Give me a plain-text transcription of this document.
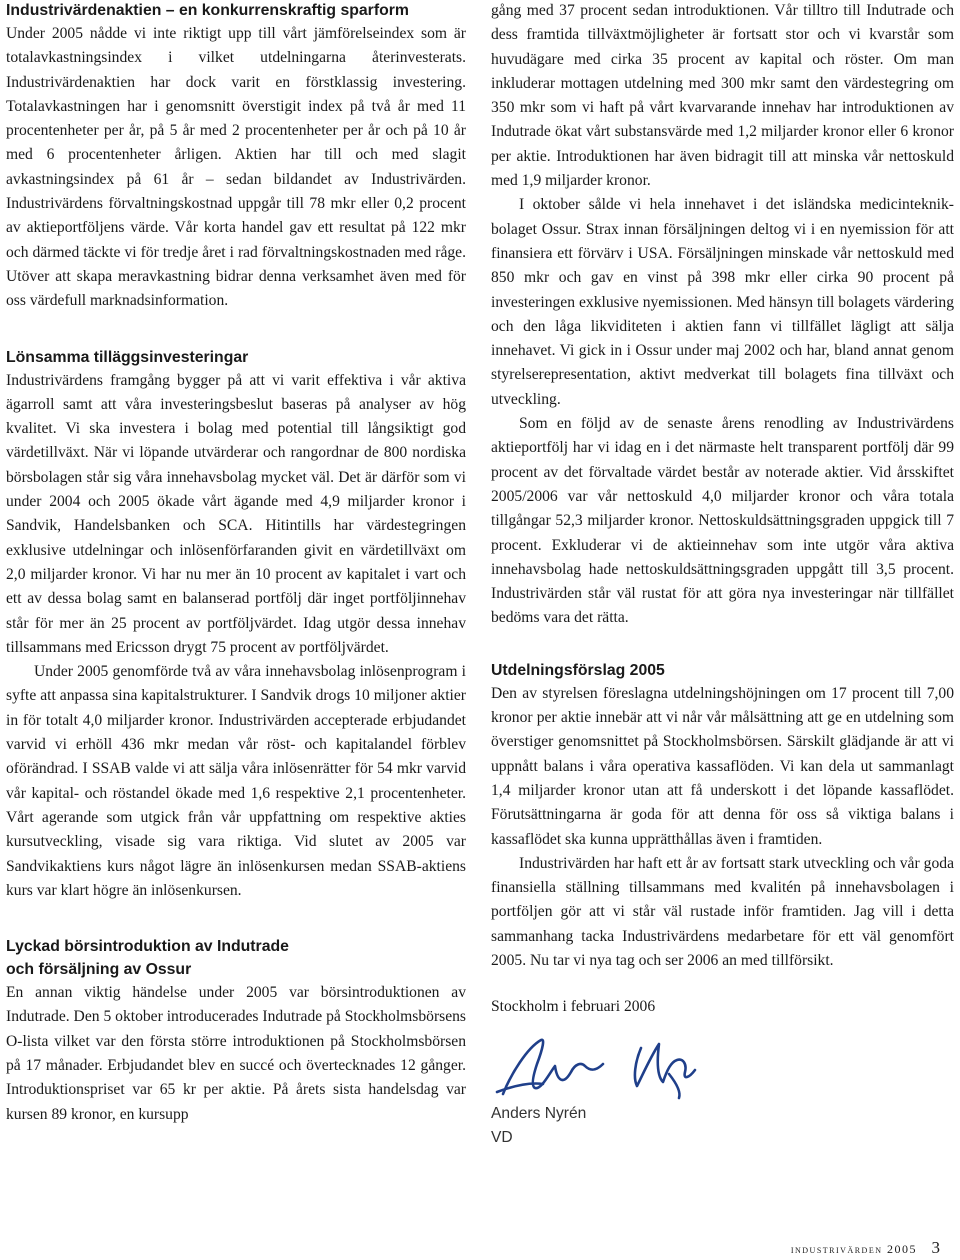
Industrivärdenaktien – en konkurrenskraftig sparform

Under 2005 nådde vi inte riktigt upp till vårt jämförelseindex som är totalavkastningsindex i vilket utdelningarna återinvesterats. Industrivärdenaktien har dock varit en förstklassig investering. Totalavkastningen har i genomsnitt överstigit index på två år med 11 procentenheter per år, på 5 år med 2 procentenheter per år och på 10 år med 6 procentenheter årligen. Aktien har till och med slagit avkastningsindex på 61 år – sedan bildandet av Industrivärden. Industrivärdens förvaltningskostnad uppgår till 78 mkr eller 0,2 procent av aktieportföljens värde. Vår korta handel gav ett resultat på 122 mkr och därmed täckte vi för tredje året i rad förvaltningskostnaden med råge. Utöver att skapa meravkastning bidrar denna verksamhet även med för oss värdefull marknadsinformation.

Lönsamma tilläggsinvesteringar

Industrivärdens framgång bygger på att vi varit effektiva i vår aktiva ägarroll samt att våra investeringsbeslut baseras på analyser av hög kvalitet. Vi ska investera i bolag med potential till långsiktigt god värdetillväxt. När vi löpande utvärderar och rangordnar de 800 nordiska börsbolagen står sig våra innehavsbolag mycket väl. Det är därför som vi under 2004 och 2005 ökade vårt ägande med 4,9 miljarder kronor i Sandvik, Handelsbanken och SCA. Hitintills har värdestegringen exklusive utdelningar och inlösenförfaranden givit en värdetillväxt om 2,0 miljarder kronor. Vi har nu mer än 10 procent av kapitalet i vart och ett av dessa bolag samt en balanserad portfölj där inget portföljinnehav står för mer än 25 procent av portföljvärdet. Idag utgör dessa innehav tillsammans med Ericsson drygt 75 procent av portföljvärdet.

Under 2005 genomförde två av våra innehavsbolag inlösenprogram i syfte att anpassa sina kapitalstrukturer. I Sandvik drogs 10 miljoner aktier in för totalt 4,0 miljarder kronor. Industrivärden accepterade erbjudandet varvid vi erhöll 436 mkr medan vår röst- och kapitalandel förblev oförändrad. I SSAB valde vi att sälja våra inlösenrätter för 54 mkr varvid vår kapital- och röstandel ökade med 1,6 respektive 2,1 procentenheter. Vårt agerande som utgick från vår uppfattning om respektive akties kursutveckling, visade sig vara riktiga. Vid slutet av 2005 var Sandvikaktiens kurs något lägre än inlösenkursen medan SSAB-aktiens kurs var klart högre än inlösenkursen.

Lyckad börsintroduktion av Indutrade
och försäljning av Ossur

En annan viktig händelse under 2005 var börsintroduktionen av Indutrade. Den 5 oktober introducerades Indutrade på Stockholmsbörsens O-lista vilket var den första större introduktionen på Stockholmsbörsen på 17 månader. Erbjudandet blev en succé och övertecknades 12 gånger. Introduktionspriset var 65 kr per aktie. På årets sista handelsdag var kursen 89 kronor, en kursupp

gång med 37 procent sedan introduktionen. Vår tilltro till Indutrade och dess framtida tillväxtmöjligheter är fortsatt stor och vi kvarstår som huvudägare med cirka 35 procent av kapital och röster. Om man inkluderar mottagen utdelning med 300 mkr samt den värdestegring om 350 mkr som vi haft på vårt kvarvarande innehav har introduktionen av Indutrade ökat vårt substansvärde med 1,2 miljarder kronor eller 6 kronor per aktie. Introduktionen har även bidragit till att minska vår nettoskuld med 1,9 miljarder kronor.

I oktober sålde vi hela innehavet i det isländska medicinteknikbolaget Ossur. Strax innan försäljningen deltog vi i en nyemission för att finansiera ett förvärv i USA. Försäljningen minskade vår nettoskuld med 850 mkr och gav en vinst på 398 mkr eller cirka 90 procent på investeringen exklusive nyemissionen. Med hänsyn till bolagets värdering och den låga likviditeten i aktien fann vi tillfället lägligt att sälja innehavet. Vi gick in i Ossur under maj 2002 och har, bland annat genom styrelserepresentation, aktivt medverkat till bolagets fina tillväxt och utveckling.

Som en följd av de senaste årens renodling av Industrivärdens aktieportfölj har vi idag en i det närmaste helt transparent portfölj där 99 procent av det förvaltade värdet består av noterade aktier. Vid årsskiftet 2005/2006 var vår nettoskuld 4,0 miljarder kronor och våra totala tillgångar 52,3 miljarder kronor. Nettoskuldsättningsgraden uppgick till 7 procent. Exkluderar vi de aktieinnehav som inte utgör våra aktiva innehavsbolag hade nettoskuldsättningsgraden uppgått till 3,5 procent. Industrivärden står väl rustat för att göra nya investeringar när tillfället bedöms vara det rätta.

Utdelningsförslag 2005

Den av styrelsen föreslagna utdelningshöjningen om 17 procent till 7,00 kronor per aktie innebär att vi når vår målsättning att ge en utdelning som överstiger genomsnittet på Stockholmsbörsen. Särskilt glädjande är att vi uppnått balans i våra operativa kassaflöden. Vi kan dela ut sammanlagt 1,4 miljarder kronor utan att få underskott i det löpande kassaflödet. Förutsättningarna är goda för att denna för oss så viktiga balans i kassaflödet ska kunna upprätthållas även i framtiden.

Industrivärden har haft ett år av fortsatt stark utveckling och vår goda finansiella ställning tillsammans med kvalitén på innehavsbolagen i portföljen gör att vi står väl rustade inför framtiden. Jag vill i detta sammanhang tacka Industrivärdens medarbetare för ett väl genomfört 2005. Nu tar vi nya tag och ser 2006 an med tillförsikt.

Stockholm i februari 2006

Anders Nyrén

VD

industrivärden 2005 3
